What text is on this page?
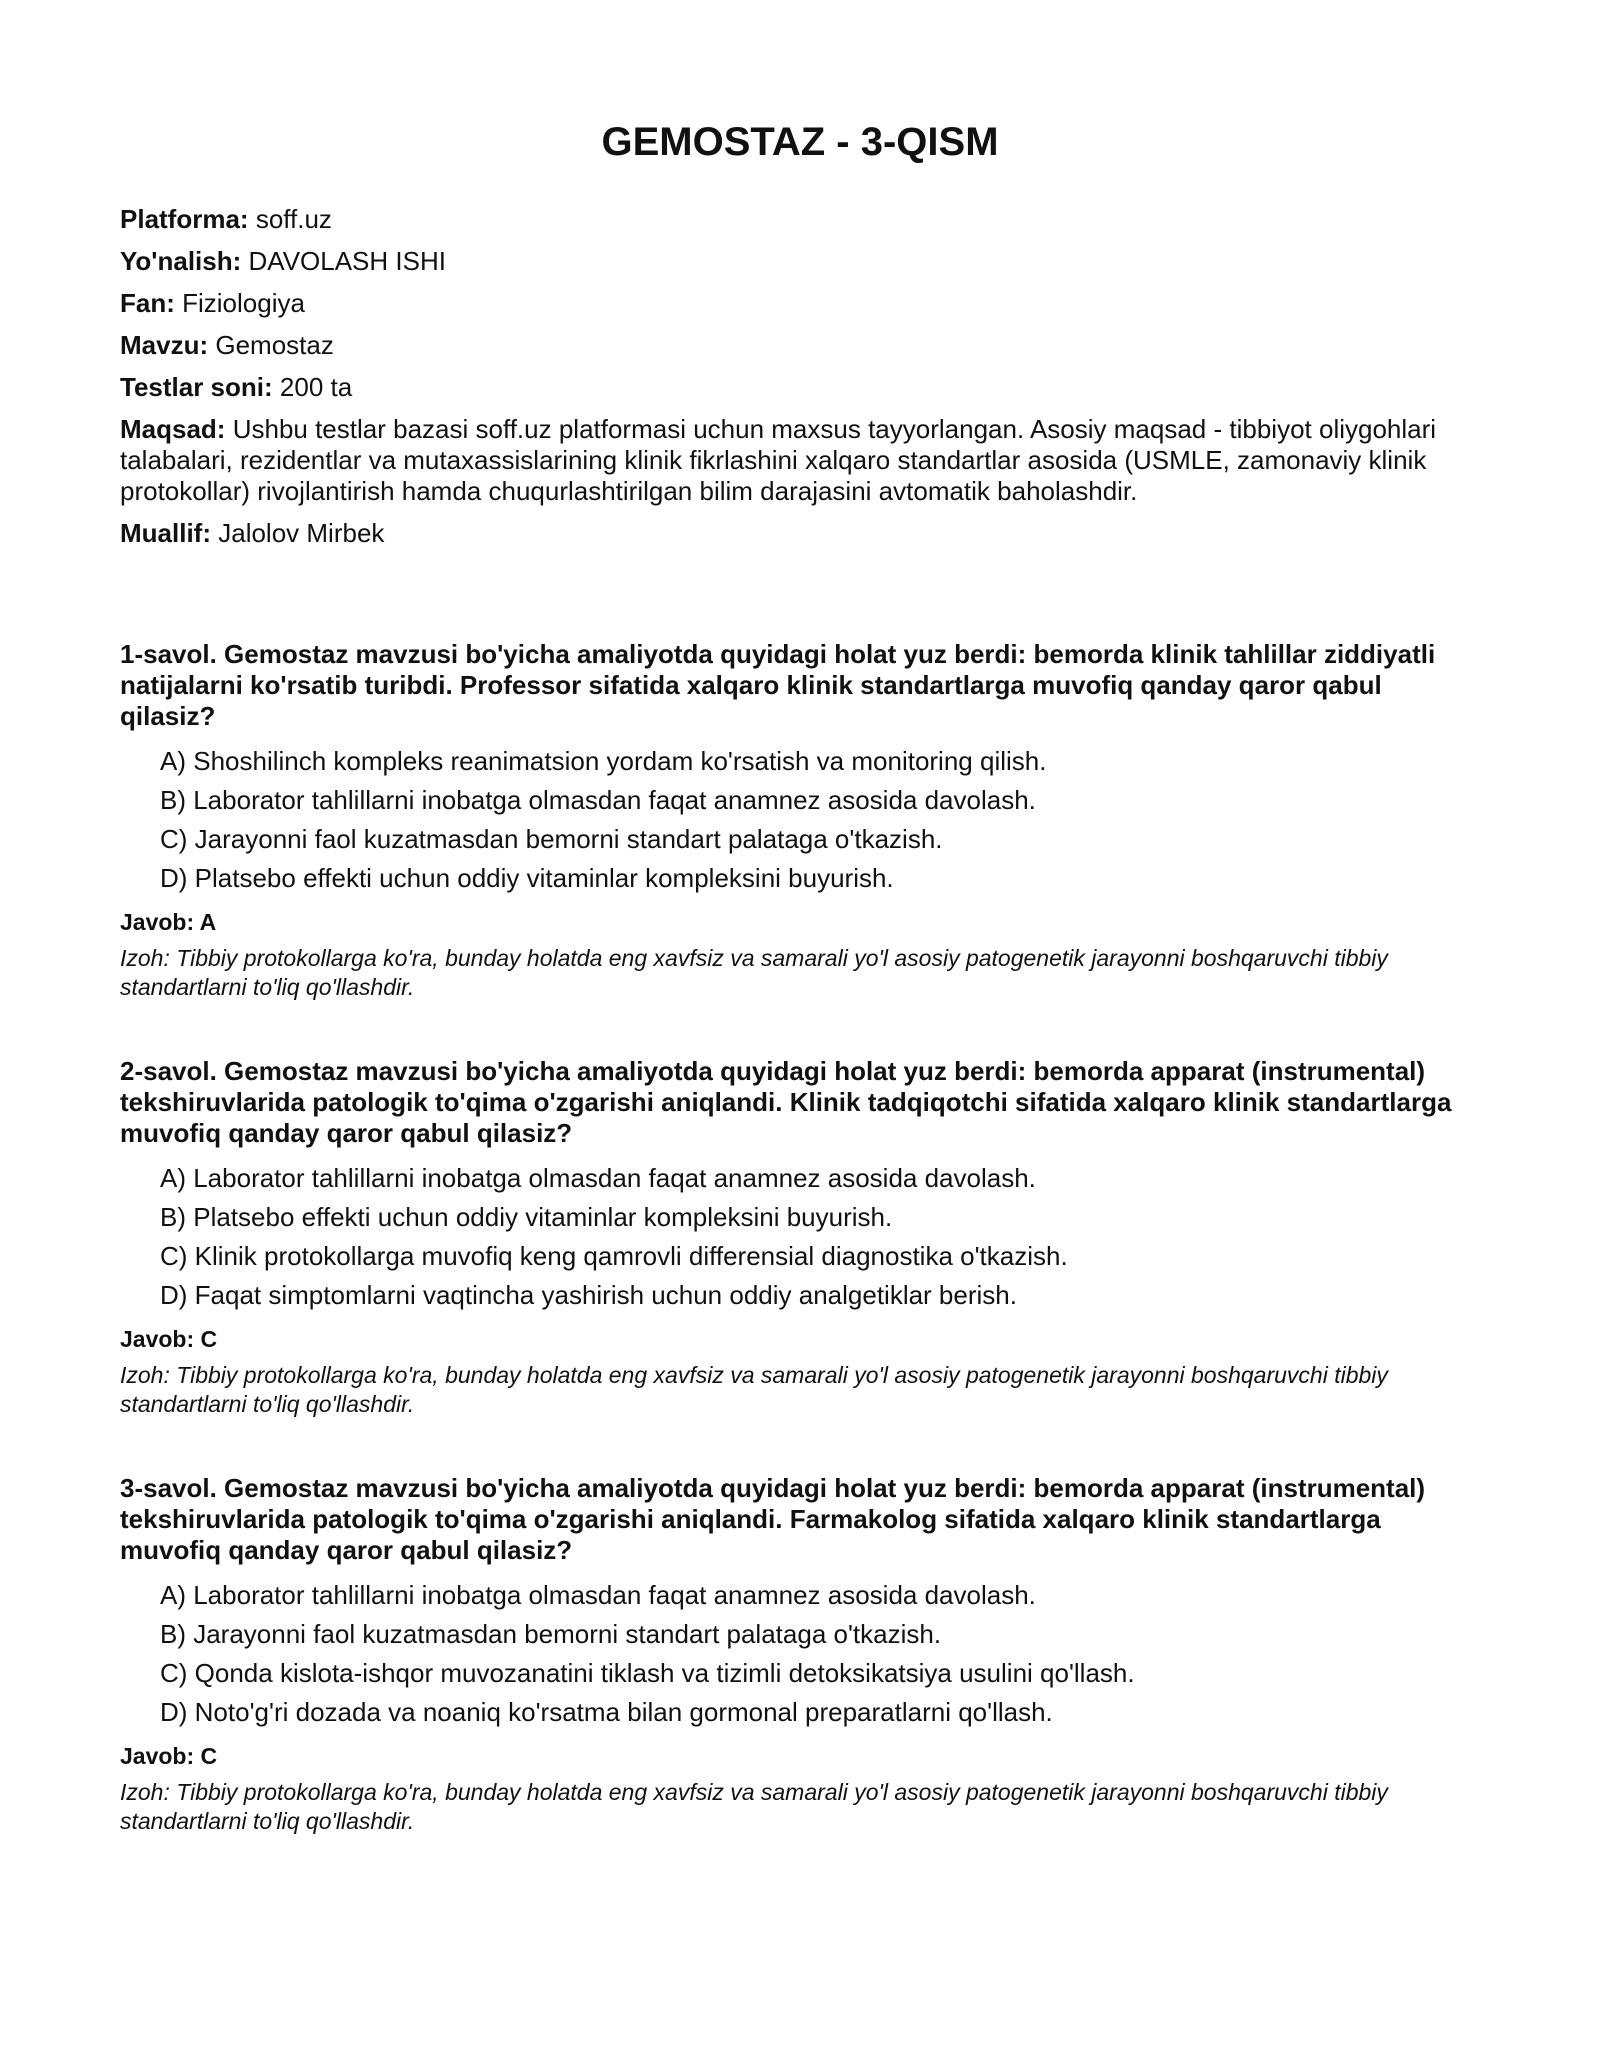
GEMOSTAZ - 3-QISM

Platforma: soff.uz

Yo'nalish: DAVOLASH ISHI

Fan: Fiziologiya

Mavzu: Gemostaz

Testlar soni: 200 ta

Maqsad: Ushbu testlar bazasi soff.uz platformasi uchun maxsus tayyorlangan. Asosiy maqsad - tibbiyot oliygohlari talabalari, rezidentlar va mutaxassislarining klinik fikrlashini xalqaro standartlar asosida (USMLE, zamonaviy klinik protokollar) rivojlantirish hamda chuqurlashtirilgan bilim darajasini avtomatik baholashdir.

Muallif: Jalolov Mirbek

1-savol. Gemostaz mavzusi bo'yicha amaliyotda quyidagi holat yuz berdi: bemorda klinik tahlillar ziddiyatli natijalarni ko'rsatib turibdi. Professor sifatida xalqaro klinik standartlarga muvofiq qanday qaror qabul qilasiz?

A) Shoshilinch kompleks reanimatsion yordam ko'rsatish va monitoring qilish.
B) Laborator tahlillarni inobatga olmasdan faqat anamnez asosida davolash.
C) Jarayonni faol kuzatmasdan bemorni standart palataga o'tkazish.
D) Platsebo effekti uchun oddiy vitaminlar kompleksini buyurish.

Javob: A

Izoh: Tibbiy protokollarga ko'ra, bunday holatda eng xavfsiz va samarali yo'l asosiy patogenetik jarayonni boshqaruvchi tibbiy standartlarni to'liq qo'llashdir.

2-savol. Gemostaz mavzusi bo'yicha amaliyotda quyidagi holat yuz berdi: bemorda apparat (instrumental) tekshiruvlarida patologik to'qima o'zgarishi aniqlandi. Klinik tadqiqotchi sifatida xalqaro klinik standartlarga muvofiq qanday qaror qabul qilasiz?

A) Laborator tahlillarni inobatga olmasdan faqat anamnez asosida davolash.
B) Platsebo effekti uchun oddiy vitaminlar kompleksini buyurish.
C) Klinik protokollarga muvofiq keng qamrovli differensial diagnostika o'tkazish.
D) Faqat simptomlarni vaqtincha yashirish uchun oddiy analgetiklar berish.

Javob: C

Izoh: Tibbiy protokollarga ko'ra, bunday holatda eng xavfsiz va samarali yo'l asosiy patogenetik jarayonni boshqaruvchi tibbiy standartlarni to'liq qo'llashdir.

3-savol. Gemostaz mavzusi bo'yicha amaliyotda quyidagi holat yuz berdi: bemorda apparat (instrumental) tekshiruvlarida patologik to'qima o'zgarishi aniqlandi. Farmakolog sifatida xalqaro klinik standartlarga muvofiq qanday qaror qabul qilasiz?

A) Laborator tahlillarni inobatga olmasdan faqat anamnez asosida davolash.
B) Jarayonni faol kuzatmasdan bemorni standart palataga o'tkazish.
C) Qonda kislota-ishqor muvozanatini tiklash va tizimli detoksikatsiya usulini qo'llash.
D) Noto'g'ri dozada va noaniq ko'rsatma bilan gormonal preparatlarni qo'llash.

Javob: C

Izoh: Tibbiy protokollarga ko'ra, bunday holatda eng xavfsiz va samarali yo'l asosiy patogenetik jarayonni boshqaruvchi tibbiy standartlarni to'liq qo'llashdir.
